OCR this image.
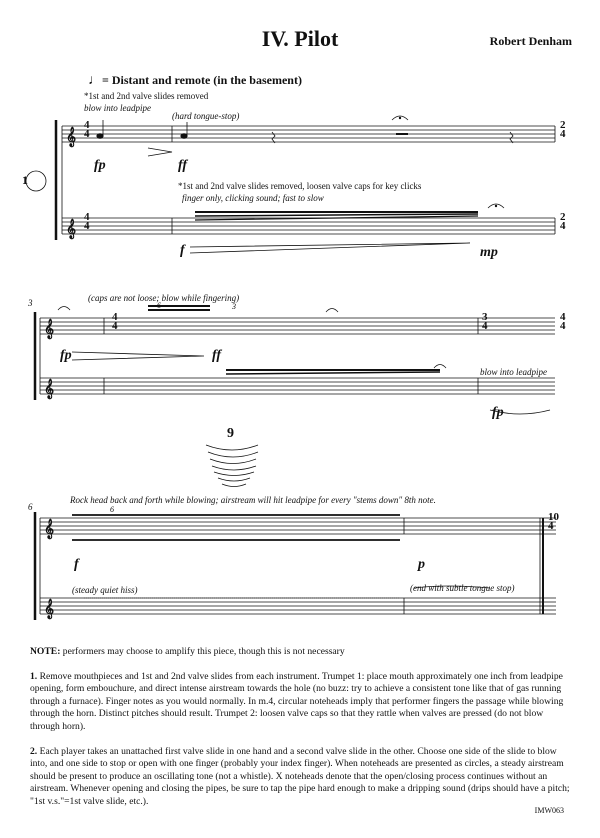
IV. Pilot	Robert Denham
♩= Distant and remote (in the basement)
*1st and 2nd valve slides removed
blow into leadpipe
(hard tongue-stop)
fp	ff
*1st and 2nd valve slides removed, loosen valve caps for key clicks
finger only, clicking sound; fast to slow
f	mp
3	(caps are not loose; blow while fingering)
fp	ff
blow into leadpipe
fp
9
6
Rock head back and forth while blowing; airstream will hit leadpipe for every "stems down" 8th note.
f	p
(steady quiet hiss)	(end with subtle tongue stop)
𝄞
𝄞
𝄞
𝄞
𝄞
𝄞
4
4
4
4
2
4
2
4
4
4
3
4
4
4
6	3
10
4
6
1

NOTE: performers may choose to amplify this piece, though this is not necessary

1. Remove mouthpieces and 1st and 2nd valve slides from each instrument. Trumpet 1: place mouth approximately one inch from leadpipe opening, form embouchure, and direct intense airstream towards the hole (no buzz: try to achieve a consistent tone like that of gas running through a furnace). Finger notes as you would normally. In m.4, circular noteheads imply that performer fingers the passage while blowing through the horn. Distinct pitches should result. Trumpet 2: loosen valve caps so that they rattle when valves are pressed (do not blow through horn).

2. Each player takes an unattached first valve slide in one hand and a second valve slide in the other. Choose one side of the slide to blow into, and one side to stop or open with one finger (probably your index finger). When noteheads are presented as circles, a steady airstream should be present to produce an oscillating tone (not a whistle). X noteheads denote that the open/closing process continues without an airstream. Whenever opening and closing the pipes, be sure to tap the pipe hard enough to make a dripping sound (drips should have a pitch; "1st v.s."=1st valve slide, etc.).

IMW063
